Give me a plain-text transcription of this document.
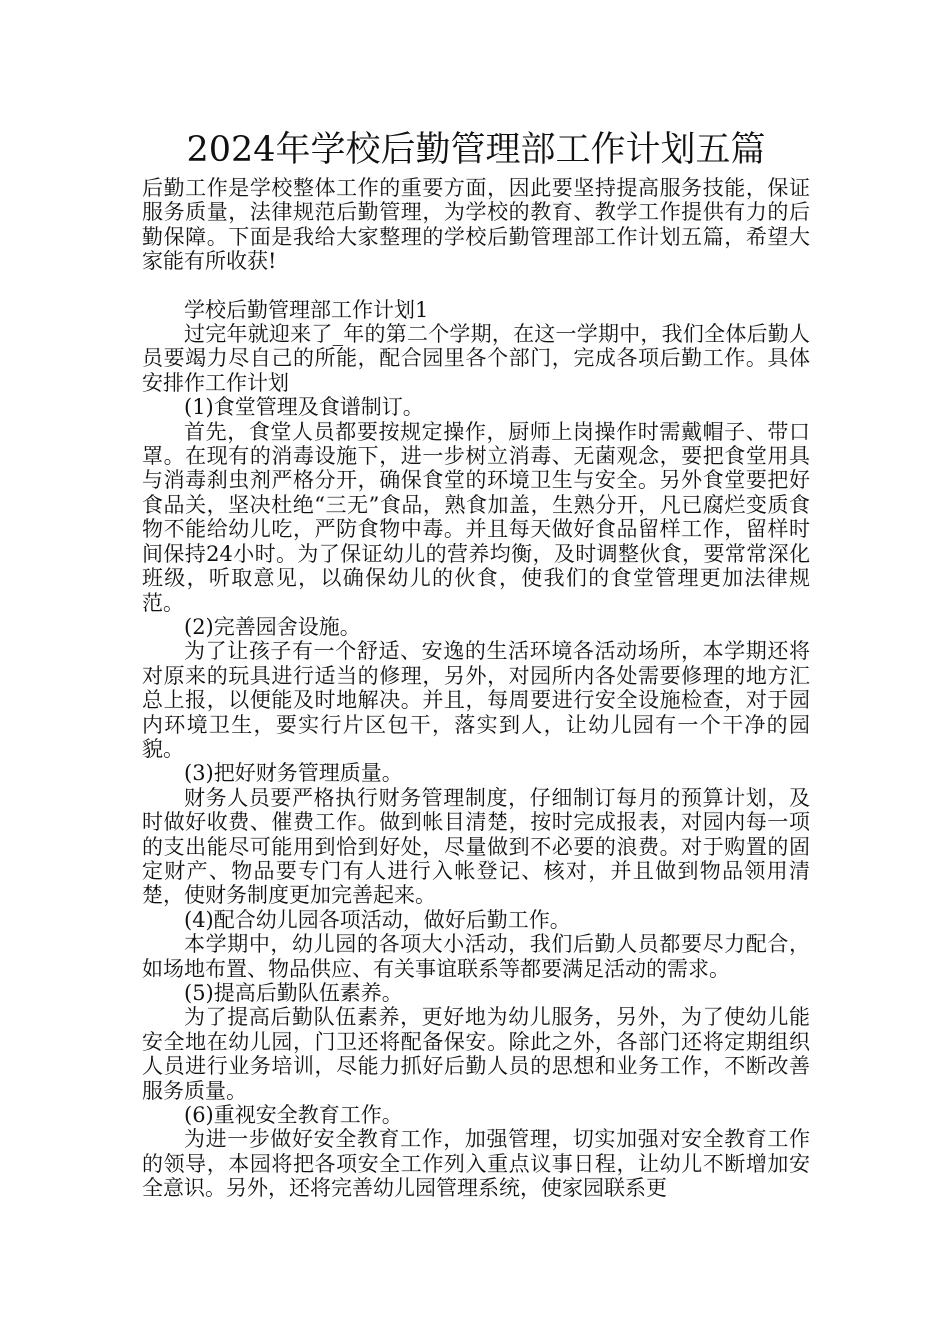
2024年学校后勤管理部工作计划五篇

后勤工作是学校整体工作的重要方面，因此要坚持提高服务技能，保证服务质量，法律规范后勤管理，为学校的教育、教学工作提供有力的后勤保障。下面是我给大家整理的学校后勤管理部工作计划五篇，希望大家能有所收获!

学校后勤管理部工作计划1

过完年就迎来了_年的第二个学期，在这一学期中，我们全体后勤人员要竭力尽自己的所能，配合园里各个部门，完成各项后勤工作。具体安排作工作计划

(1)食堂管理及食谱制订。

首先，食堂人员都要按规定操作，厨师上岗操作时需戴帽子、带口罩。在现有的消毒设施下，进一步树立消毒、无菌观念，要把食堂用具与消毒刹虫剂严格分开，确保食堂的环境卫生与安全。另外食堂要把好食品关，坚决杜绝“三无”食品，熟食加盖，生熟分开，凡已腐烂变质食物不能给幼儿吃，严防食物中毒。并且每天做好食品留样工作，留样时间保持24小时。为了保证幼儿的营养均衡，及时调整伙食，要常常深化班级，听取意见，以确保幼儿的伙食，使我们的食堂管理更加法律规范。

(2)完善园舍设施。

为了让孩子有一个舒适、安逸的生活环境各活动场所，本学期还将对原来的玩具进行适当的修理，另外，对园所内各处需要修理的地方汇总上报，以便能及时地解决。并且，每周要进行安全设施检查，对于园内环境卫生，要实行片区包干，落实到人，让幼儿园有一个干净的园貌。

(3)把好财务管理质量。

财务人员要严格执行财务管理制度，仔细制订每月的预算计划，及时做好收费、催费工作。做到帐目清楚，按时完成报表，对园内每一项的支出能尽可能用到恰到好处，尽量做到不必要的浪费。对于购置的固定财产、物品要专门有人进行入帐登记、核对，并且做到物品领用清楚，使财务制度更加完善起来。

(4)配合幼儿园各项活动，做好后勤工作。

本学期中，幼儿园的各项大小活动，我们后勤人员都要尽力配合，如场地布置、物品供应、有关事谊联系等都要满足活动的需求。

(5)提高后勤队伍素养。

为了提高后勤队伍素养，更好地为幼儿服务，另外，为了使幼儿能安全地在幼儿园，门卫还将配备保安。除此之外，各部门还将定期组织人员进行业务培训，尽能力抓好后勤人员的思想和业务工作，不断改善服务质量。

(6)重视安全教育工作。

为进一步做好安全教育工作，加强管理，切实加强对安全教育工作的领导，本园将把各项安全工作列入重点议事日程，让幼儿不断增加安全意识。另外，还将完善幼儿园管理系统，使家园联系更
